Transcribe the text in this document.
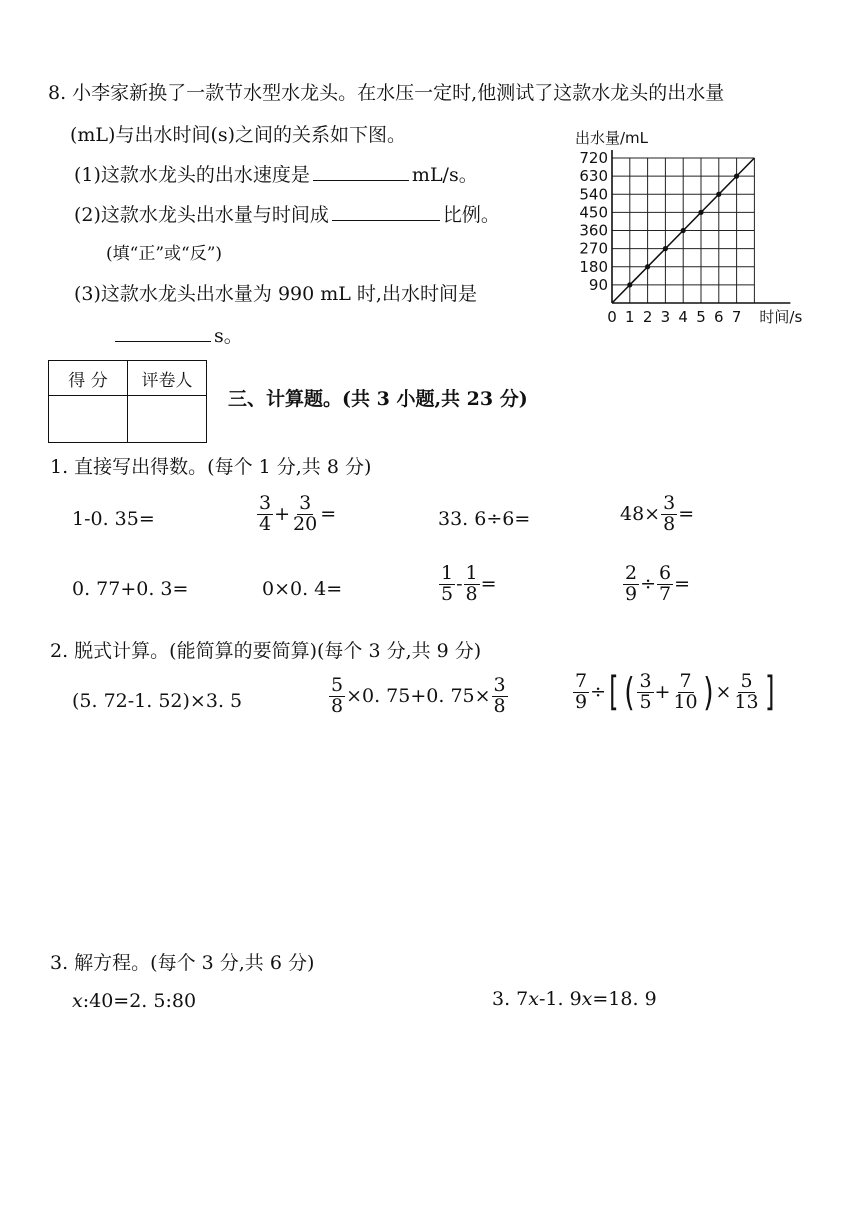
8. 小李家新换了一款节水型水龙头。在水压一定时,他测试了这款水龙头的出水量
(mL)与出水时间(s)之间的关系如下图。
(1)这款水龙头的出水速度是	mL/s。
(2)这款水龙头出水量与时间成	比例。
(填“正”或“反”)
(3)这款水龙头出水量为 990 mL 时,出水时间是
s。
90
180
270
360
450
540
630
720
0 1 2 3 4 5 6 7
出水量/mL
时间/s
得 分	评卷人

三、计算题。(共 3 小题,共 23 分)
1. 直接写出得数。(每个 1 分,共 8 分)
1-0. 35=	$\frac{3}{4} + \frac{3}{20}$ =	33. 6÷6=	$48\times \frac{3}{8}$ =
0. 77+0. 3=	0×0. 4=	$\frac{1}{5} - \frac{1}{8}$ =	$\frac{2}{9} \div \frac{6}{7}$ =
2. 脱式计算。(能简算的要简算)(每个 3 分,共 9 分)
(5. 72-1. 52)×3. 5	$\frac{5}{8} \times 0$. 75+0. $75\times \frac{3}{8}$	$\frac{7}{9}$ ÷ [ ( $\frac{3}{5} + \frac{7}{10}$ ) × $\frac{5}{13}$ ]
3. 解方程。(每个 3 分,共 6 分)
x:40=2. 5:80	3. 7x-1. 9x=18. 9
